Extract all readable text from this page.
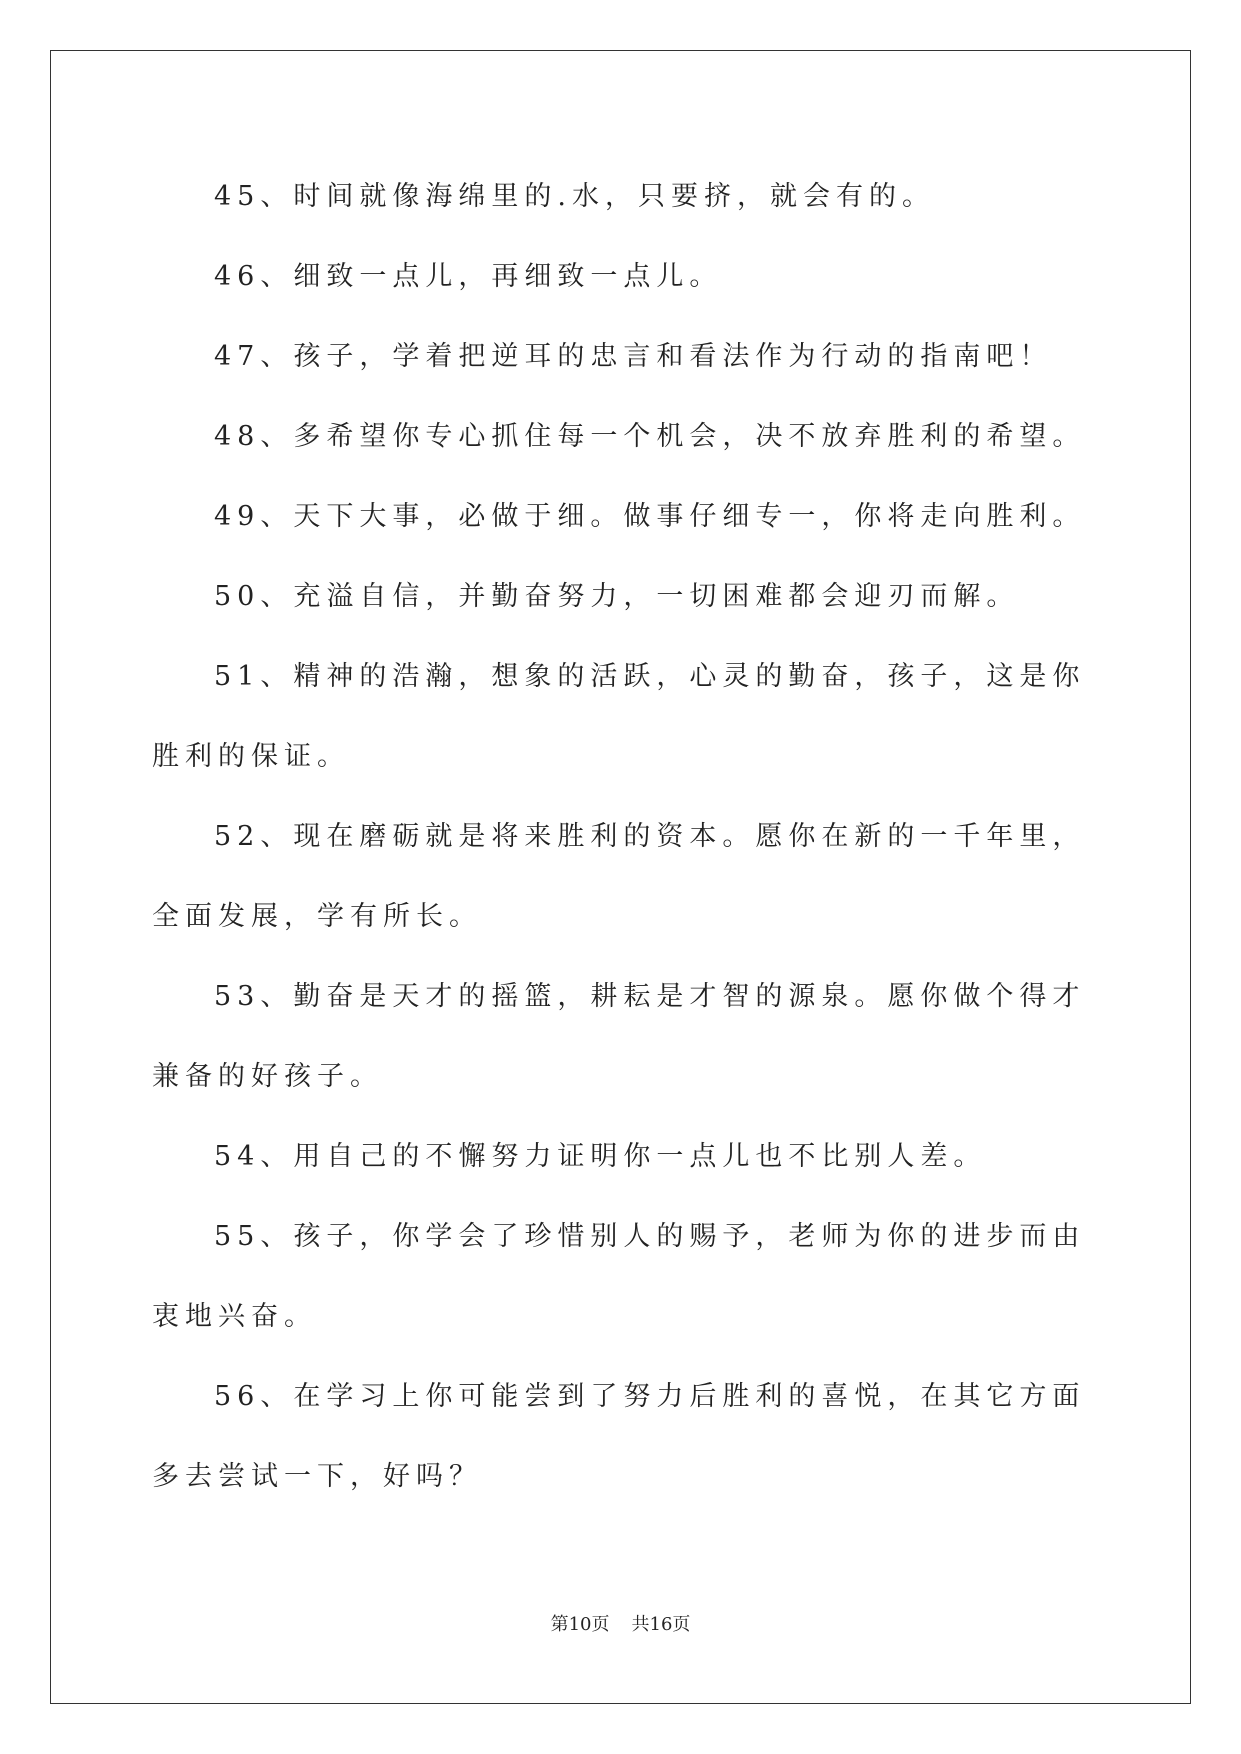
45、时间就像海绵里的.水，只要挤，就会有的。

46、细致一点儿，再细致一点儿。

47、孩子，学着把逆耳的忠言和看法作为行动的指南吧！

48、多希望你专心抓住每一个机会，决不放弃胜利的希望。

49、天下大事，必做于细。做事仔细专一，你将走向胜利。

50、充溢自信，并勤奋努力，一切困难都会迎刃而解。

51、精神的浩瀚，想象的活跃，心灵的勤奋，孩子，这是你胜利的保证。

52、现在磨砺就是将来胜利的资本。愿你在新的一千年里，全面发展，学有所长。

53、勤奋是天才的摇篮，耕耘是才智的源泉。愿你做个得才兼备的好孩子。

54、用自己的不懈努力证明你一点儿也不比别人差。

55、孩子，你学会了珍惜别人的赐予，老师为你的进步而由衷地兴奋。

56、在学习上你可能尝到了努力后胜利的喜悦，在其它方面多去尝试一下，好吗？

第10页 共16页
